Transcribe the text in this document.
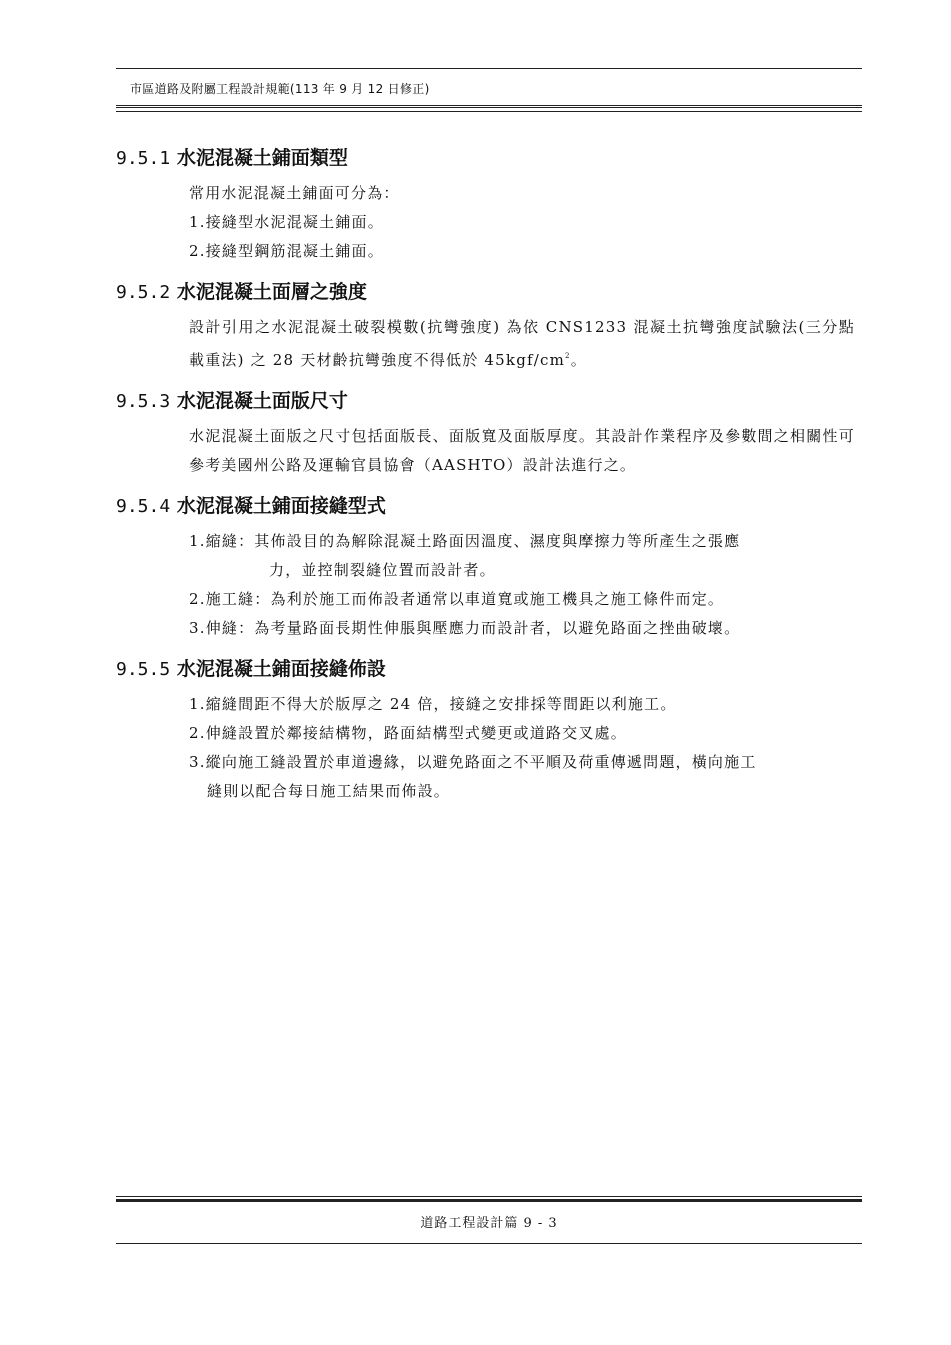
市區道路及附屬工程設計規範(113 年 9 月 12 日修正)
9.5.1 水泥混凝土鋪面類型
常用水泥混凝土鋪面可分為：
1.接縫型水泥混凝土鋪面。
2.接縫型鋼筋混凝土鋪面。
9.5.2 水泥混凝土面層之強度

設計引用之水泥混凝土破裂模數(抗彎強度) 為依 CNS1233 混凝土抗彎強度試驗法(三分點載重法) 之 28 天材齡抗彎強度不得低於 $45kgf/cm^2$。

9.5.3 水泥混凝土面版尺寸

水泥混凝土面版之尺寸包括面版長、面版寬及面版厚度。其設計作業程序及參數間之相關性可參考美國州公路及運輸官員協會（AASHTO）設計法進行之。

9.5.4 水泥混凝土鋪面接縫型式
1.縮縫：其佈設目的為解除混凝土路面因溫度、濕度與摩擦力等所產生之張應
力，並控制裂縫位置而設計者。
2.施工縫：為利於施工而佈設者通常以車道寬或施工機具之施工條件而定。
3.伸縫：為考量路面長期性伸脹與壓應力而設計者，以避免路面之挫曲破壞。
9.5.5 水泥混凝土鋪面接縫佈設
1.縮縫間距不得大於版厚之 24 倍，接縫之安排採等間距以利施工。
2.伸縫設置於鄰接結構物，路面結構型式變更或道路交叉處。
3.縱向施工縫設置於車道邊緣，以避免路面之不平順及荷重傳遞問題，橫向施工
縫則以配合每日施工結果而佈設。
道路工程設計篇 9 - 3
